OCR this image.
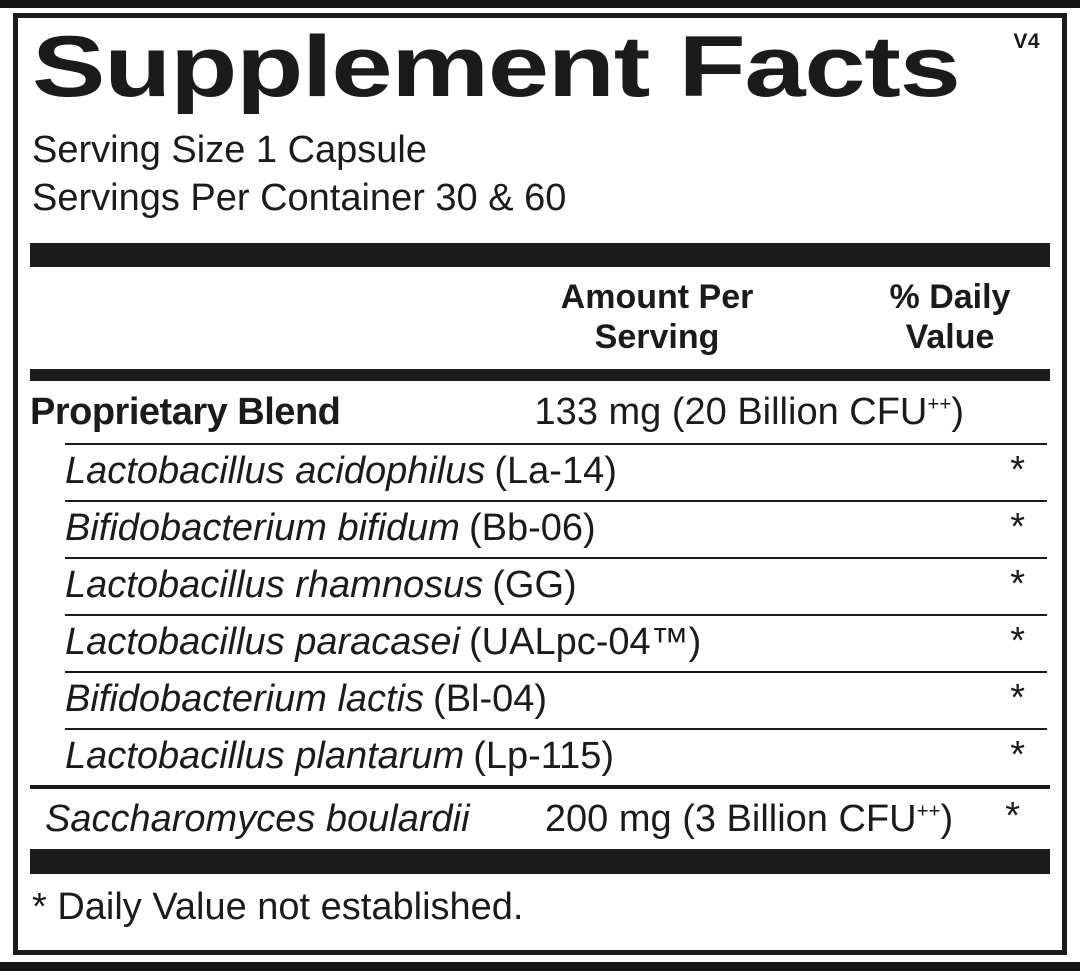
V4
Supplement Facts
Serving Size 1 Capsule
Servings Per Container 30 & 60
Amount Per
Serving
% Daily
Value
Proprietary Blend	133 mg (20 Billion CFU++)
Lactobacillus acidophilus (La-14)	*
Bifidobacterium bifidum (Bb-06)	*
Lactobacillus rhamnosus (GG)	*
Lactobacillus paracasei (UALpc-04™)	*
Bifidobacterium lactis (Bl-04)	*
Lactobacillus plantarum (Lp-115)	*
Saccharomyces boulardii 200 mg (3 Billion CFU++) *
* Daily Value not established.
